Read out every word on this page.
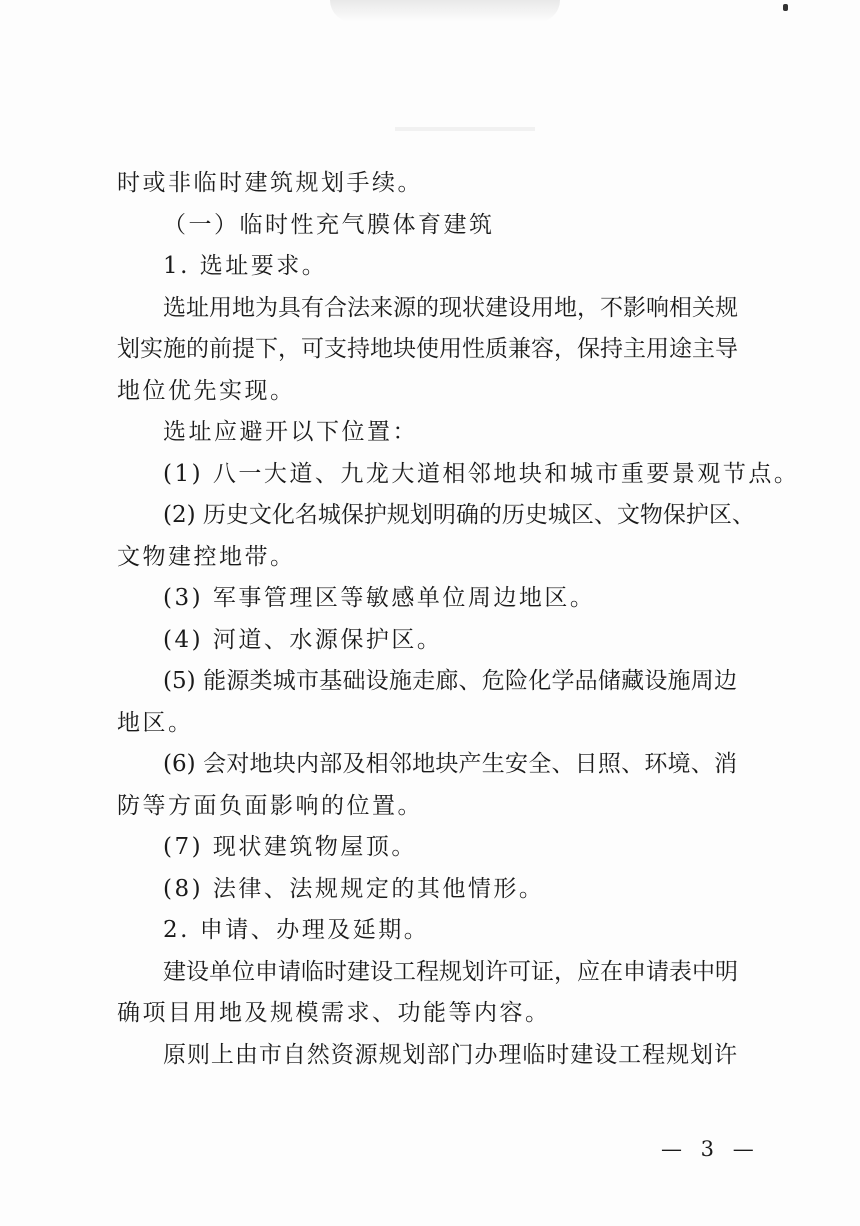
时或非临时建筑规划手续。
（一）临时性充气膜体育建筑
1. 选址要求。
选址用地为具有合法来源的现状建设用地，不影响相关规
划实施的前提下，可支持地块使用性质兼容，保持主用途主导
地位优先实现。
选址应避开以下位置：
(1) 八一大道、九龙大道相邻地块和城市重要景观节点。
(2) 历史文化名城保护规划明确的历史城区、文物保护区、
文物建控地带。
(3) 军事管理区等敏感单位周边地区。
(4) 河道、水源保护区。
(5) 能源类城市基础设施走廊、危险化学品储藏设施周边
地区。
(6) 会对地块内部及相邻地块产生安全、日照、环境、消
防等方面负面影响的位置。
(7) 现状建筑物屋顶。
(8) 法律、法规规定的其他情形。
2. 申请、办理及延期。
建设单位申请临时建设工程规划许可证，应在申请表中明
确项目用地及规模需求、功能等内容。
原则上由市自然资源规划部门办理临时建设工程规划许
— 3 —
